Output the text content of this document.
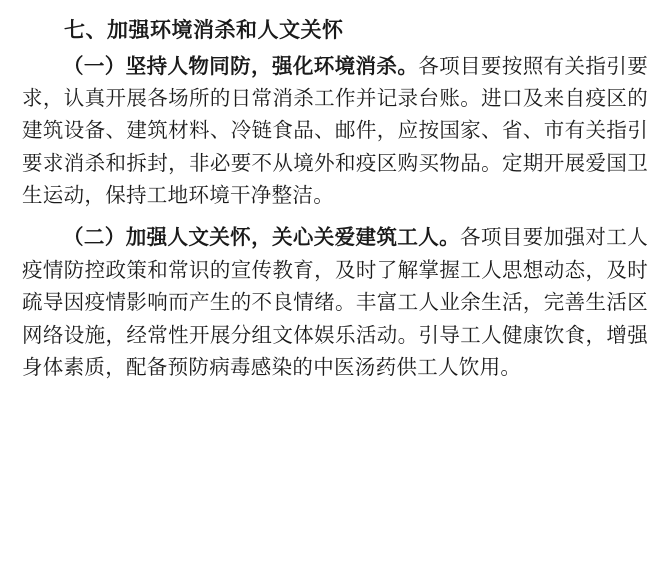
七、加强环境消杀和人文关怀

（一）坚持人物同防，强化环境消杀。各项目要按照有关指引要求，认真开展各场所的日常消杀工作并记录台账。进口及来自疫区的建筑设备、建筑材料、冷链食品、邮件，应按国家、省、市有关指引要求消杀和拆封，非必要不从境外和疫区购买物品。定期开展爱国卫生运动，保持工地环境干净整洁。

（二）加强人文关怀，关心关爱建筑工人。各项目要加强对工人疫情防控政策和常识的宣传教育，及时了解掌握工人思想动态，及时疏导因疫情影响而产生的不良情绪。丰富工人业余生活，完善生活区网络设施，经常性开展分组文体娱乐活动。引导工人健康饮食，增强身体素质，配备预防病毒感染的中医汤药供工人饮用。
